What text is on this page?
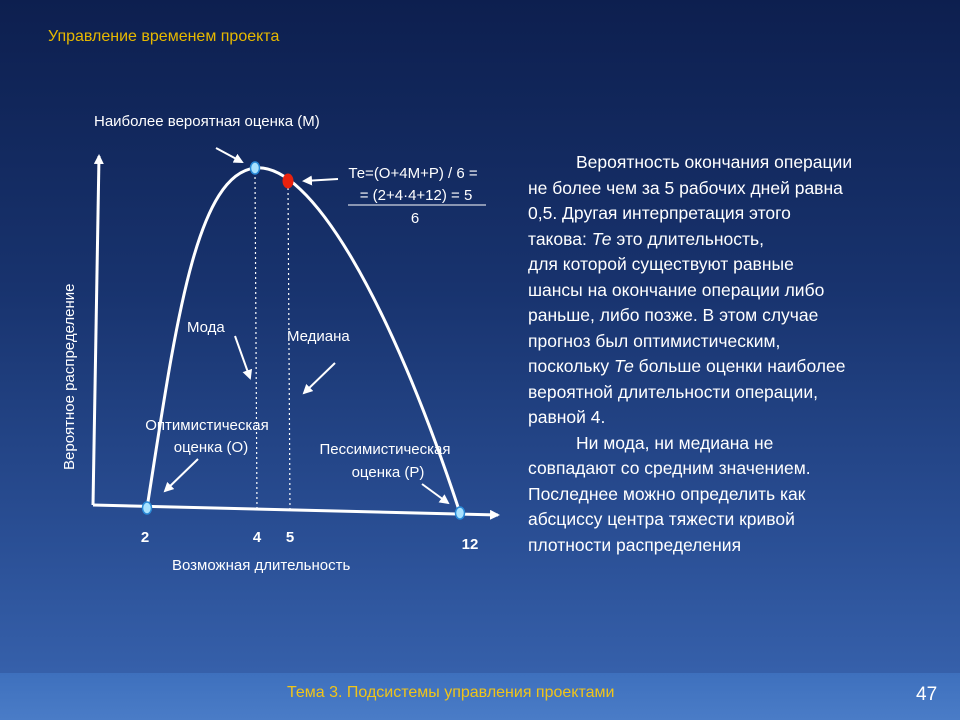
Управление временем проекта
Наиболее вероятная оценка (М)
Вероятное распределение
Возможная длительность
Мода
Медиана
Оптимистическая
оценка (О)	Пессимистическая
оценка (Р)
Те=(О+4М+Р) / 6 =
= (2+4·4+12) = 5
6
2	4 5	12

Вероятность окончания операции
не более чем за 5 рабочих дней равна
0,5. Другая интерпретация этого
такова: Те это длительность,
для которой существуют равные
шансы на окончание операции либо
раньше, либо позже. В этом случае
прогноз был оптимистическим,
поскольку Те больше оценки наиболее
вероятной длительности операции,
равной 4.

Ни мода, ни медиана не
совпадают со средним значением.
Последнее можно определить как
абсциссу центра тяжести кривой
плотности распределения

Тема 3. Подсистемы управления проектами	47
